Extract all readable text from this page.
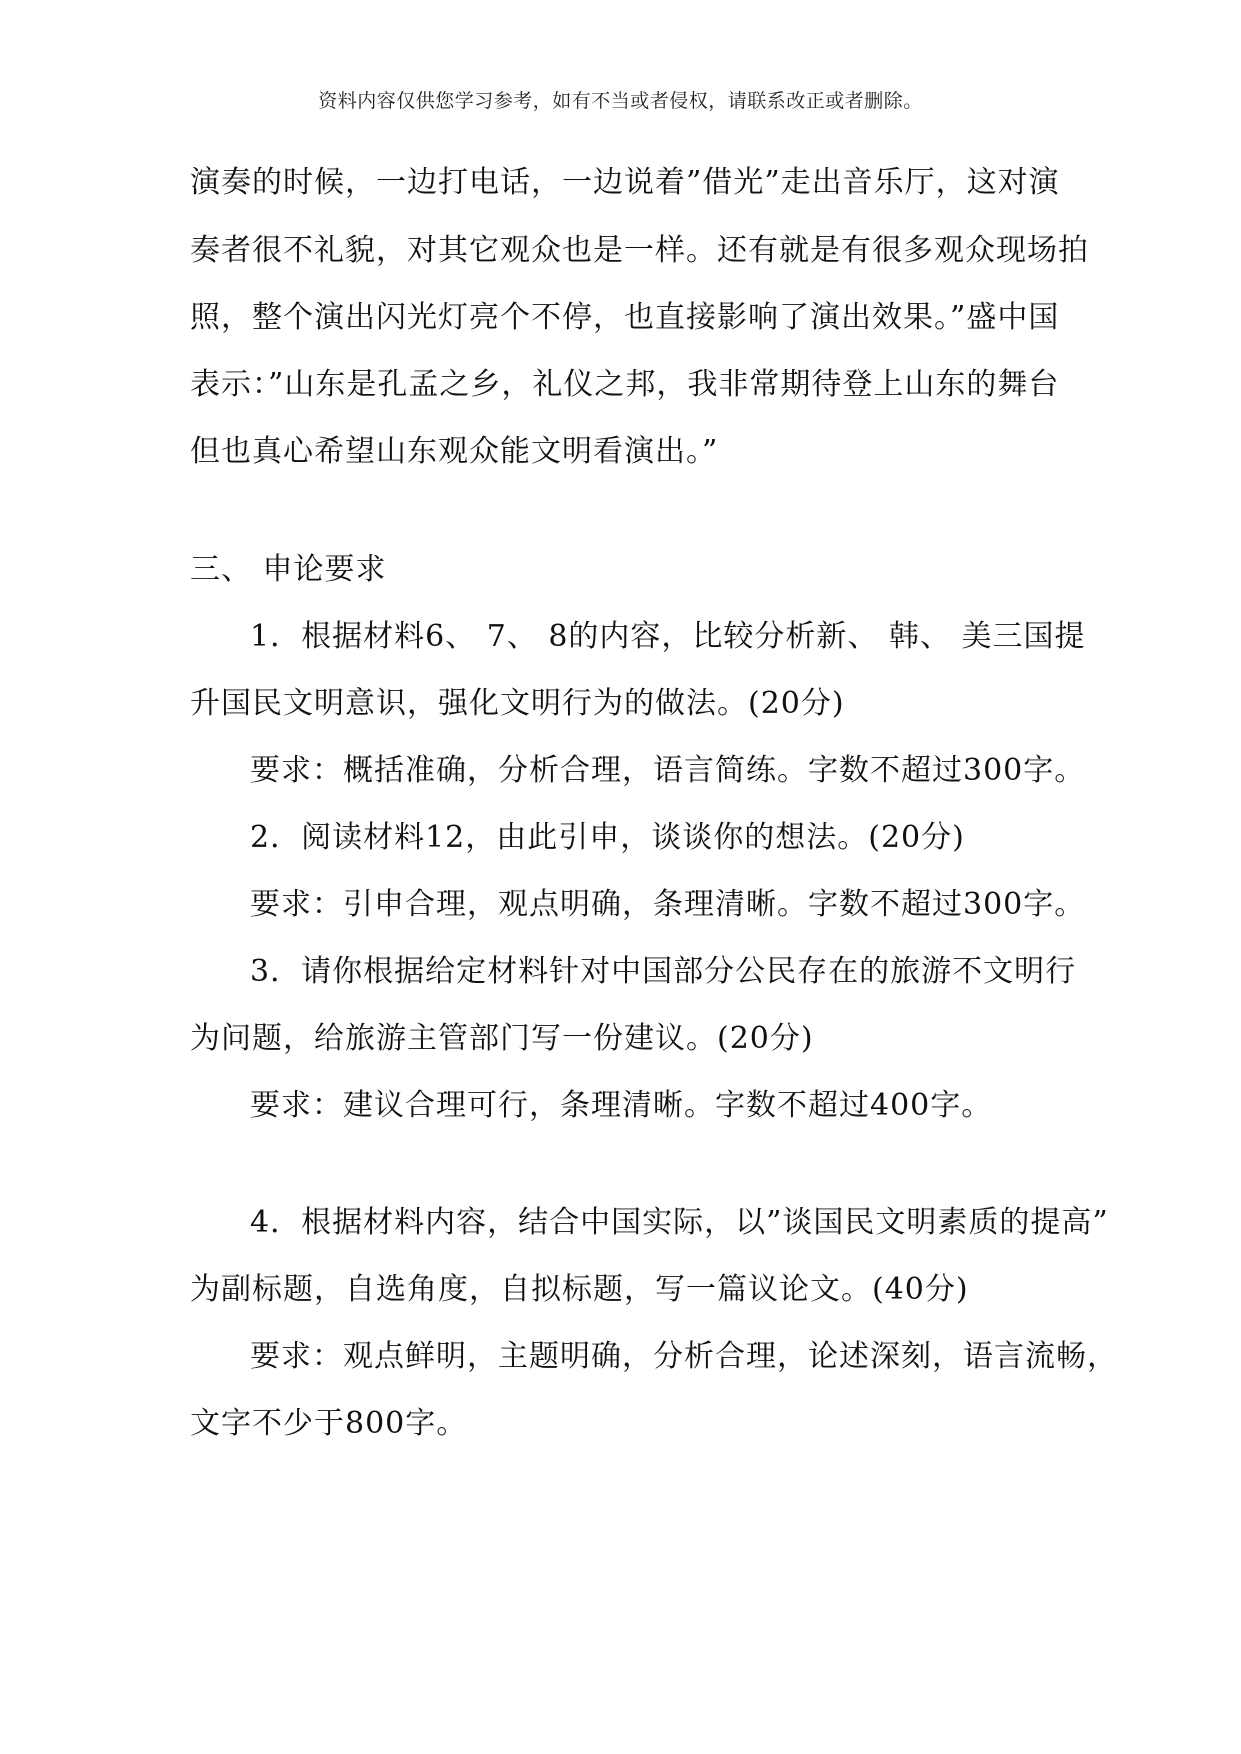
资料内容仅供您学习参考，如有不当或者侵权，请联系改正或者删除。
演奏的时候，一边打电话，一边说着”借光”走出音乐厅，这对演
奏者很不礼貌，对其它观众也是一样。还有就是有很多观众现场拍
照，整个演出闪光灯亮个不停，也直接影响了演出效果。”盛中国
表示：”山东是孔孟之乡，礼仪之邦，我非常期待登上山东的舞台
但也真心希望山东观众能文明看演出。”
三、 申论要求
1．根据材料6、 7、 8的内容，比较分析新、 韩、 美三国提
升国民文明意识，强化文明行为的做法。(20分)
要求：概括准确，分析合理，语言简练。字数不超过300字。
2．阅读材料12，由此引申，谈谈你的想法。(20分)
要求：引申合理，观点明确，条理清晰。字数不超过300字。
3．请你根据给定材料针对中国部分公民存在的旅游不文明行
为问题，给旅游主管部门写一份建议。(20分)
要求：建议合理可行，条理清晰。字数不超过400字。
4．根据材料内容，结合中国实际，以”谈国民文明素质的提高”
为副标题，自选角度，自拟标题，写一篇议论文。(40分)
要求：观点鲜明，主题明确，分析合理，论述深刻，语言流畅，
文字不少于800字。
